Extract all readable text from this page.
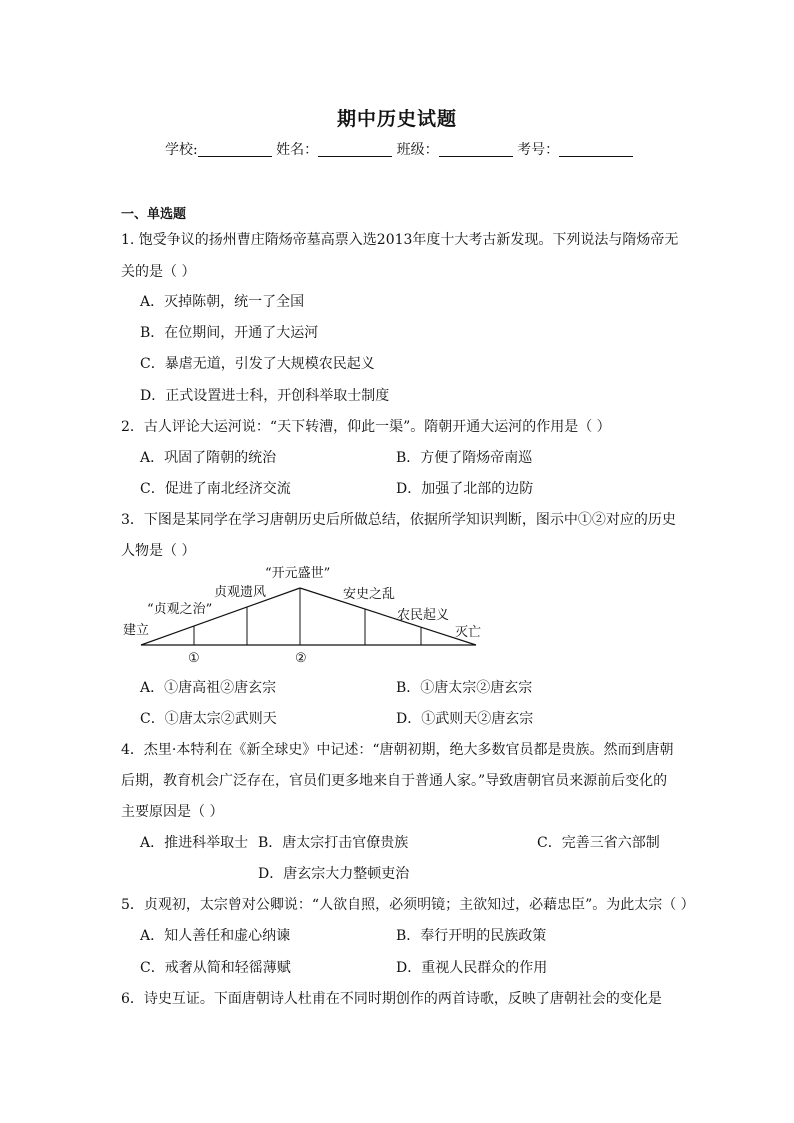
期中历史试题
学校:	姓名：	班级：	考号：
一、单选题
1. 饱受争议的扬州曹庄隋炀帝墓高票入选2013年度十大考古新发现。下列说法与隋炀帝无
关的是（ ）
A．灭掉陈朝，统一了全国
B．在位期间，开通了大运河
C．暴虐无道，引发了大规模农民起义
D．正式设置进士科，开创科举取士制度
2．古人评论大运河说：“天下转漕，仰此一渠”。隋朝开通大运河的作用是（ ）
A．巩固了隋朝的统治	B．方便了隋炀帝南巡
C．促进了南北经济交流	D．加强了北部的边防
3．下图是某同学在学习唐朝历史后所做总结，依据所学知识判断，图示中①②对应的历史
人物是（ ）
建立
“贞观之治”
贞观遗风
“开元盛世”
安史之乱
农民起义
灭亡
①	②
A．①唐高祖②唐玄宗	B．①唐太宗②唐玄宗
C．①唐太宗②武则天	D．①武则天②唐玄宗
4．杰里·本特利在《新全球史》中记述：“唐朝初期，绝大多数官员都是贵族。然而到唐朝
后期，教育机会广泛存在，官员们更多地来自于普通人家。”导致唐朝官员来源前后变化的
主要原因是（ ）
A．推进科举取士 B．唐太宗打击官僚贵族	C．完善三省六部制
D．唐玄宗大力整顿吏治
5．贞观初，太宗曾对公卿说：“人欲自照，必须明镜；主欲知过，必藉忠臣”。为此太宗（ ）
A．知人善任和虚心纳谏	B．奉行开明的民族政策
C．戒奢从简和轻徭薄赋	D．重视人民群众的作用
6．诗史互证。下面唐朝诗人杜甫在不同时期创作的两首诗歌，反映了唐朝社会的变化是
